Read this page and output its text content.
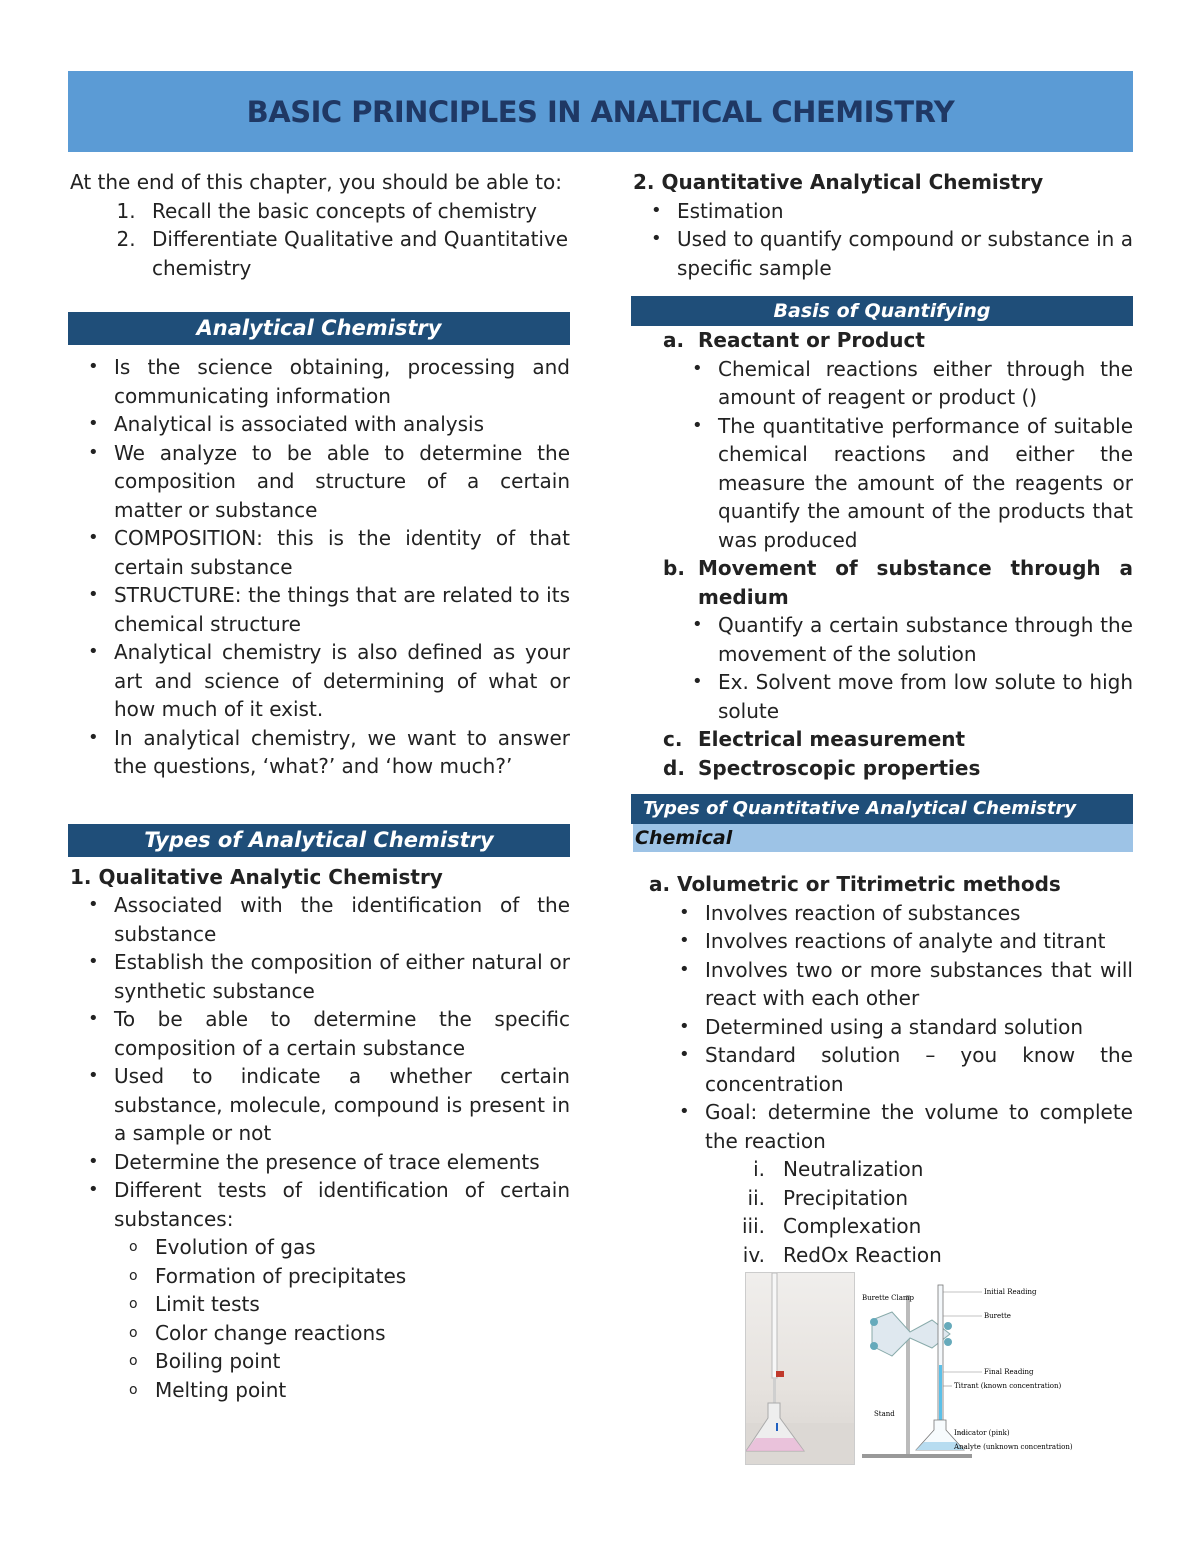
BASIC PRINCIPLES IN ANALTICAL CHEMISTRY
At the end of this chapter, you should be able to:
1. Recall the basic concepts of chemistry
2. Differentiate Qualitative and Quantitative chemistry
Analytical Chemistry
• Is the science obtaining, processing and communicating information
• Analytical is associated with analysis
• We analyze to be able to determine the composition and structure of a certain matter or substance
• COMPOSITION: this is the identity of that certain substance
• STRUCTURE: the things that are related to its chemical structure
• Analytical chemistry is also defined as your art and science of determining of what or how much of it exist.
• In analytical chemistry, we want to answer the questions, ‘what?’ and ‘how much?’
Types of Analytical Chemistry
1. Qualitative Analytic Chemistry
• Associated with the identification of the substance
• Establish the composition of either natural or synthetic substance
• To be able to determine the specific composition of a certain substance
• Used to indicate a whether certain substance, molecule, compound is present in a sample or not
• Determine the presence of trace elements
• Different tests of identification of certain substances:
o Evolution of gas
o Formation of precipitates
o Limit tests
o Color change reactions
o Boiling point
o Melting point
2. Quantitative Analytical Chemistry
• Estimation
• Used to quantify compound or substance in a specific sample
Basis of Quantifying
a. Reactant or Product
• Chemical reactions either through the amount of reagent or product ()
• The quantitative performance of suitable chemical reactions and either the measure the amount of the reagents or quantify the amount of the products that was produced
b. Movement of substance through a medium
• Quantify a certain substance through the movement of the solution
• Ex. Solvent move from low solute to high solute
c. Electrical measurement
d. Spectroscopic properties
Types of Quantitative Analytical Chemistry
Chemical
a. Volumetric or Titrimetric methods
• Involves reaction of substances
• Involves reactions of analyte and titrant
• Involves two or more substances that will react with each other
• Determined using a standard solution
• Standard solution – you know the concentration
• Goal: determine the volume to complete the reaction
i. Neutralization
ii. Precipitation
iii. Complexation
iv. RedOx Reaction
Initial Reading
Burette
Burette Clamp
Final Reading
Titrant (known concentration)
Stand
Indicator (pink)
Analyte (unknown concentration)
